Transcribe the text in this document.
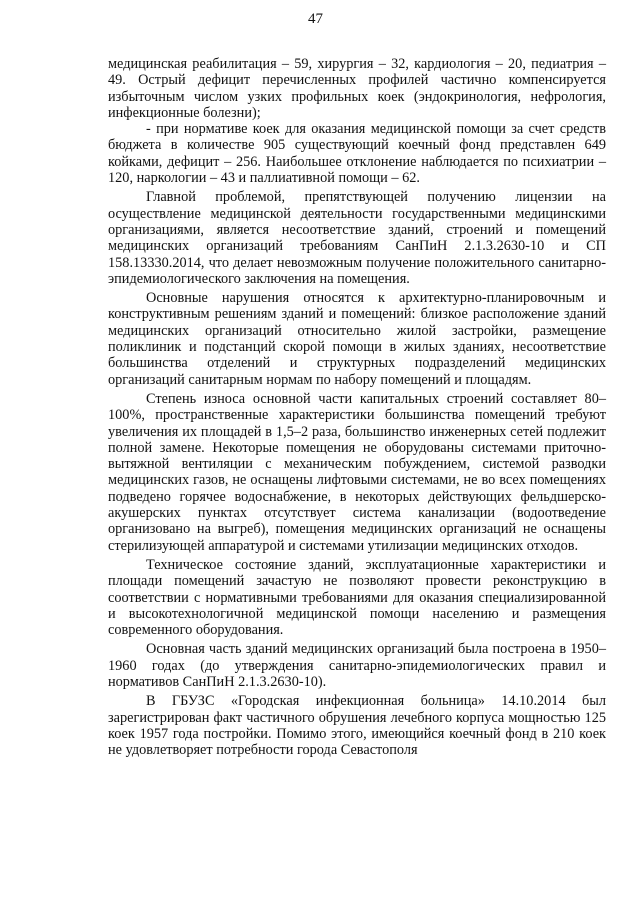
47

медицинская реабилитация – 59, хирургия – 32, кардиология – 20, педиатрия – 49. Острый дефицит перечисленных профилей частично компенсируется избыточным числом узких профильных коек (эндокринология, нефрология, инфекционные болезни);

- при нормативе коек для оказания медицинской помощи за счет средств бюджета в количестве 905 существующий коечный фонд представлен 649 койками, дефицит – 256. Наибольшее отклонение наблюдается по психиатрии – 120, наркологии – 43 и паллиативной помощи – 62.

Главной проблемой, препятствующей получению лицензии на осуществление медицинской деятельности государственными медицинскими организациями, является несоответствие зданий, строений и помещений медицинских организаций требованиям СанПиН 2.1.3.2630-10 и СП 158.13330.2014, что делает невозможным получение положительного санитарно-эпидемиологического заключения на помещения.

Основные нарушения относятся к архитектурно-планировочным и конструктивным решениям зданий и помещений: близкое расположение зданий медицинских организаций относительно жилой застройки, размещение поликлиник и подстанций скорой помощи в жилых зданиях, несоответствие большинства отделений и структурных подразделений медицинских организаций санитарным нормам по набору помещений и площадям.

Степень износа основной части капитальных строений составляет 80–100%, пространственные характеристики большинства помещений требуют увеличения их площадей в 1,5–2 раза, большинство инженерных сетей подлежит полной замене. Некоторые помещения не оборудованы системами приточно-вытяжной вентиляции с механическим побуждением, системой разводки медицинских газов, не оснащены лифтовыми системами, не во всех помещениях подведено горячее водоснабжение, в некоторых действующих фельдшерско-акушерских пунктах отсутствует система канализации (водоотведение организовано на выгреб), помещения медицинских организаций не оснащены стерилизующей аппаратурой и системами утилизации медицинских отходов.

Техническое состояние зданий, эксплуатационные характеристики и площади помещений зачастую не позволяют провести реконструкцию в соответствии с нормативными требованиями для оказания специализированной и высокотехнологичной медицинской помощи населению и размещения современного оборудования.

Основная часть зданий медицинских организаций была построена в 1950–1960 годах (до утверждения санитарно-эпидемиологических правил и нормативов СанПиН 2.1.3.2630-10).

В ГБУЗС «Городская инфекционная больница» 14.10.2014 был зарегистрирован факт частичного обрушения лечебного корпуса мощностью 125 коек 1957 года постройки. Помимо этого, имеющийся коечный фонд в 210 коек не удовлетворяет потребности города Севастополя
